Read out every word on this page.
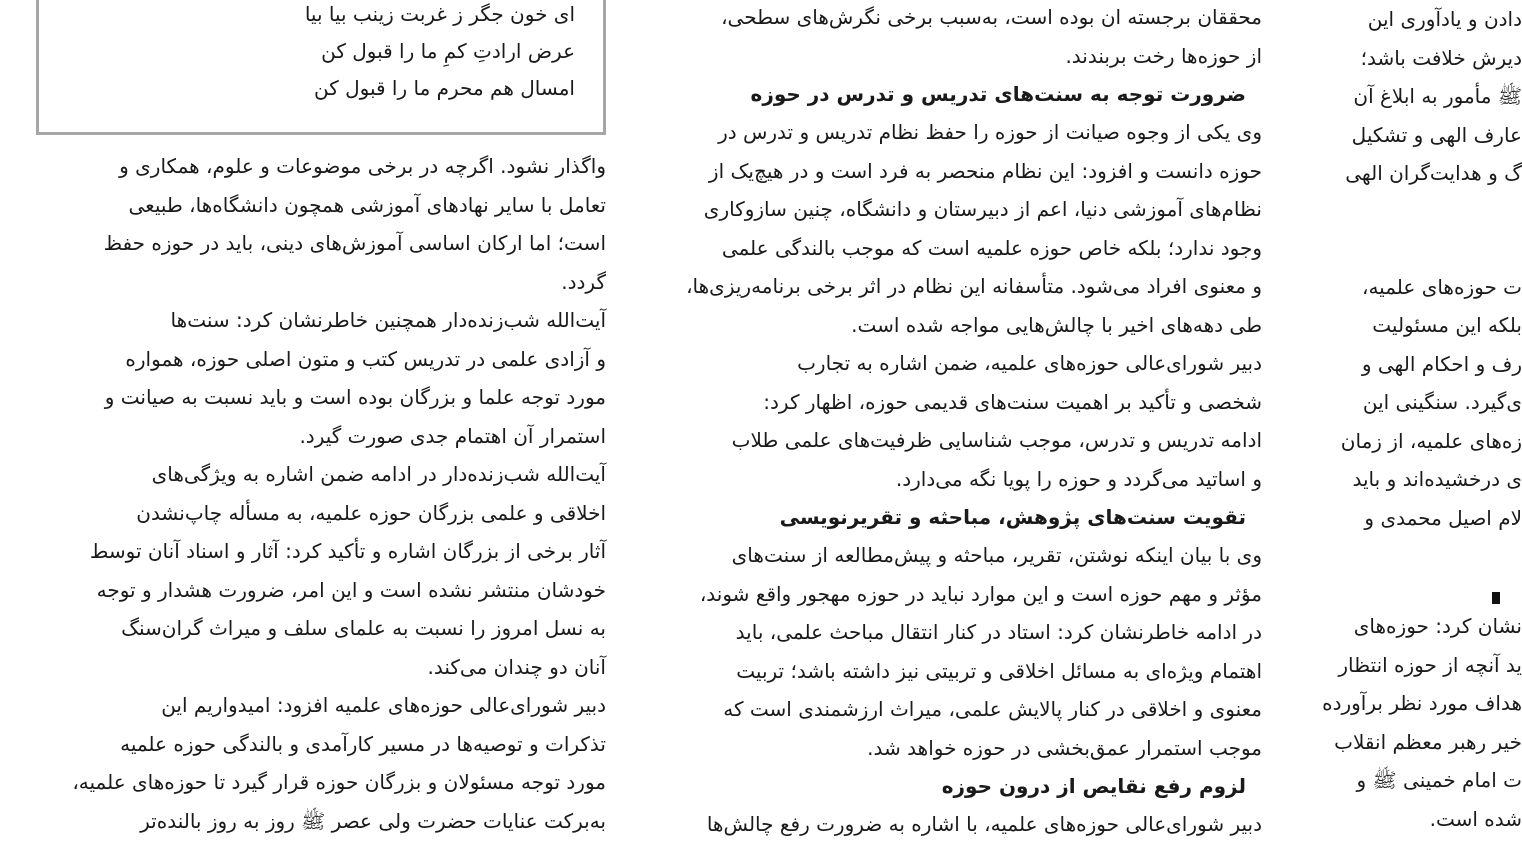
دادن و یادآوری این
دیرش خلافت باشد؛
ﷺ مأمور به ابلاغ آن
عارف الهی و تشکیل
گ و هدایت‌گران الهی
ت حوزه‌های علمیه،
بلکه این مسئولیت
رف و احکام الهی و
ی‌گیرد. سنگینی این
زه‌های علمیه، از زمان
ی درخشیده‌اند و باید
لام اصیل محمدی و
نشان کرد: حوزه‌های
ید آنچه از حوزه انتظار
هداف مورد نظر برآورده
خیر رهبر معظم انقلاب
ت امام خمینی ﷺ و
شده است.
محققان برجسته ان بوده است، به‌سبب برخی نگرش‌های سطحی،
از حوزه‌ها رخت بربندند.
ضرورت توجه به سنت‌های تدریس و تدرس در حوزه
وی یکی از وجوه صیانت از حوزه را حفظ نظام تدریس و تدرس در
حوزه دانست و افزود: این نظام منحصر به فرد است و در هیچ‌یک از
نظام‌های آموزشی دنیا، اعم از دبیرستان و دانشگاه، چنین سازوکاری
وجود ندارد؛ بلکه خاص حوزه علمیه است که موجب بالندگی علمی
و معنوی افراد می‌شود. متأسفانه این نظام در اثر برخی برنامه‌ریزی‌ها،
طی دهه‌های اخیر با چالش‌هایی مواجه شده است.
دبیر شورای‌عالی حوزه‌های علمیه، ضمن اشاره به تجارب
شخصی و تأکید بر اهمیت سنت‌های قدیمی حوزه، اظهار کرد:
ادامه تدریس و تدرس، موجب شناسایی ظرفیت‌های علمی طلاب
و اساتید می‌گردد و حوزه را پویا نگه می‌دارد.
تقویت سنت‌های پژوهش، مباحثه و تقریرنویسی
وی با بیان اینکه نوشتن، تقریر، مباحثه و پیش‌مطالعه از سنت‌های
مؤثر و مهم حوزه است و این موارد نباید در حوزه مهجور واقع شوند،
در ادامه خاطرنشان کرد: استاد در کنار انتقال مباحث علمی، باید
اهتمام ویژه‌ای به مسائل اخلاقی و تربیتی نیز داشته باشد؛ تربیت
معنوی و اخلاقی در کنار پالایش علمی، میراث ارزشمندی است که
موجب استمرار عمق‌بخشی در حوزه خواهد شد.
لزوم رفع نقایص از درون حوزه
دبیر شورای‌عالی حوزه‌های علمیه، با اشاره به ضرورت رفع چالش‌ها
ای خون جگر ز غربت زینب بیا بیا
عرض ارادتِ کمِ ما را قبول کن
امسال هم محرم ما را قبول کن
واگذار نشود. اگرچه در برخی موضوعات و علوم، همکاری و
تعامل با سایر نهادهای آموزشی همچون دانشگاه‌ها، طبیعی
است؛ اما ارکان اساسی آموزش‌های دینی، باید در حوزه حفظ
گردد.
آیت‌الله شب‌زنده‌دار همچنین خاطرنشان کرد: سنت‌ها
و آزادی علمی در تدریس کتب و متون اصلی حوزه، همواره
مورد توجه علما و بزرگان بوده است و باید نسبت به صیانت و
استمرار آن اهتمام جدی صورت گیرد.
آیت‌الله شب‌زنده‌دار در ادامه ضمن اشاره به ویژگی‌های
اخلاقی و علمی بزرگان حوزه علمیه، به مسأله چاپ‌نشدن
آثار برخی از بزرگان اشاره و تأکید کرد: آثار و اسناد آنان توسط
خودشان منتشر نشده است و این امر، ضرورت هشدار و توجه
به نسل امروز را نسبت به علمای سلف و میراث گران‌سنگ
آنان دو چندان می‌کند.
دبیر شورای‌عالی حوزه‌های علمیه افزود: امیدواریم این
تذکرات و توصیه‌ها در مسیر کارآمدی و بالندگی حوزه علمیه
مورد توجه مسئولان و بزرگان حوزه قرار گیرد تا حوزه‌های علمیه،
به‌برکت عنایات حضرت ولی عصر ﷺ روز به روز بالنده‌تر
